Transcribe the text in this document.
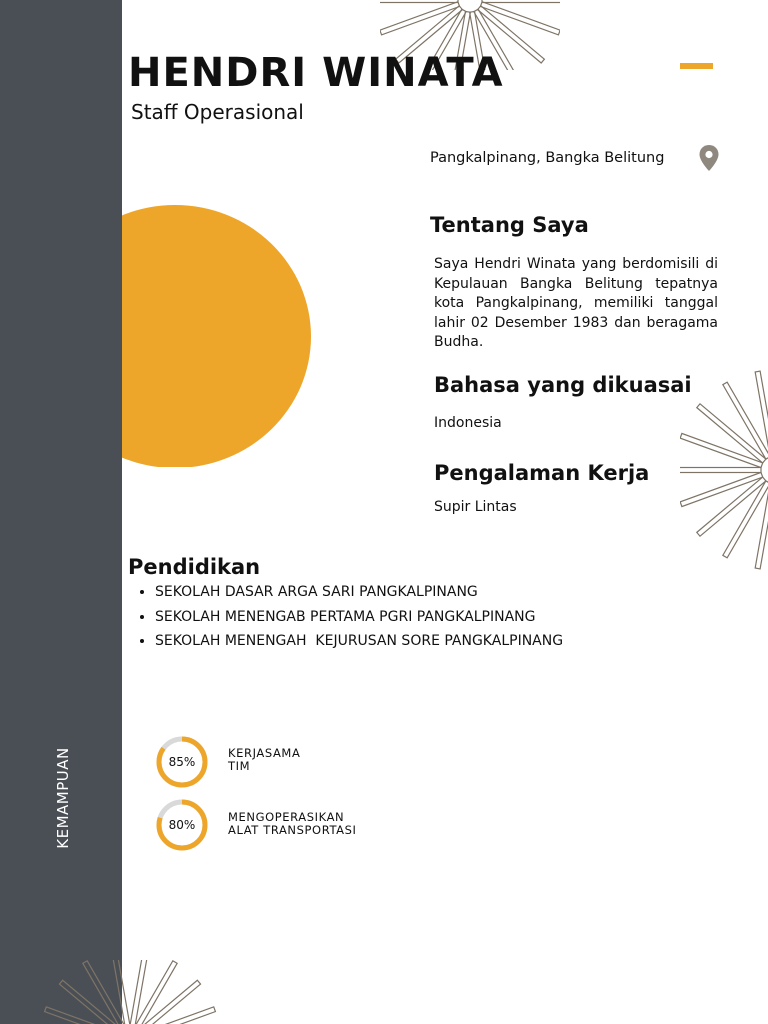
KEMAMPUAN
HENDRI WINATA

Staff Operasional

Pangkalpinang, Bangka Belitung
Tentang Saya

Saya Hendri Winata yang berdomisili di Kepulauan Bangka Belitung tepatnya kota Pangkalpinang, memiliki tanggal lahir 02 Desember 1983 dan beragama Budha.

Bahasa yang dikuasai

Indonesia

Pengalaman Kerja

Supir Lintas

Pendidikan
• SEKOLAH DASAR ARGA SARI PANGKALPINANG
• SEKOLAH MENENGAB PERTAMA PGRI PANGKALPINANG
• SEKOLAH MENENGAH  KEJURUSAN SORE PANGKALPINANG
85%
KERJASAMA
TIM
80%
MENGOPERASIKAN
ALAT TRANSPORTASI
